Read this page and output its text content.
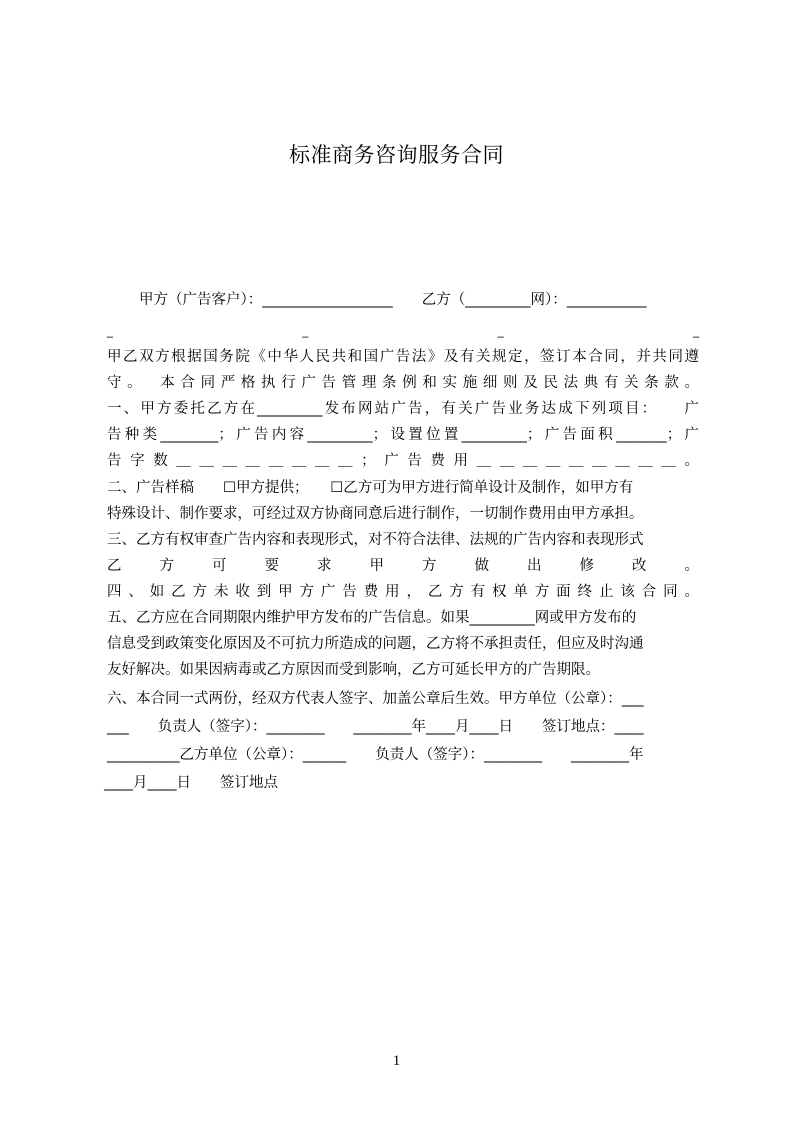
标准商务咨询服务合同
甲方（广告客户）：__________________　　乙方（_________网）：___________
_　　　　　　　　　　　　　　　　_　　　　　　　　　　　　　　　　_　　　　　　　　　　　　　　　　_
甲乙双方根据国务院《中华人民共和国广告法》及有关规定，签订本合同，并共同遵
守。　本合同严格执行广告管理条例和实施细则及民法典有关条款。
一、甲方委托乙方在_________发布网站广告，有关广告业务达成下列项目：　　广
告种类________；广告内容_________；设置位置_________；广告面积_______；广
告字数＿＿＿＿＿＿＿＿；广告费用＿＿＿＿＿＿＿＿＿。
二、广告样稿　　☐甲方提供；　　☐乙方可为甲方进行简单设计及制作，如甲方有
特殊设计、制作要求，可经过双方协商同意后进行制作，一切制作费用由甲方承担。
三、乙方有权审查广告内容和表现形式，对不符合法律、法规的广告内容和表现形式
乙方可要求甲方做出修改。
四、如乙方未收到甲方广告费用，乙方有权单方面终止该合同。
五、乙方应在合同期限内维护甲方发布的广告信息。如果_________网或甲方发布的
信息受到政策变化原因及不可抗力所造成的问题，乙方将不承担责任，但应及时沟通
友好解决。如果因病毒或乙方原因而受到影响，乙方可延长甲方的广告期限。
六、本合同一式两份，经双方代表人签字、加盖公章后生效。甲方单位（公章）：___
___　　负责人（签字）：________　　________年____月____日　　签订地点：____
__________乙方单位（公章）：______　　负责人（签字）：________　　________年
____月____日　　签订地点
1
